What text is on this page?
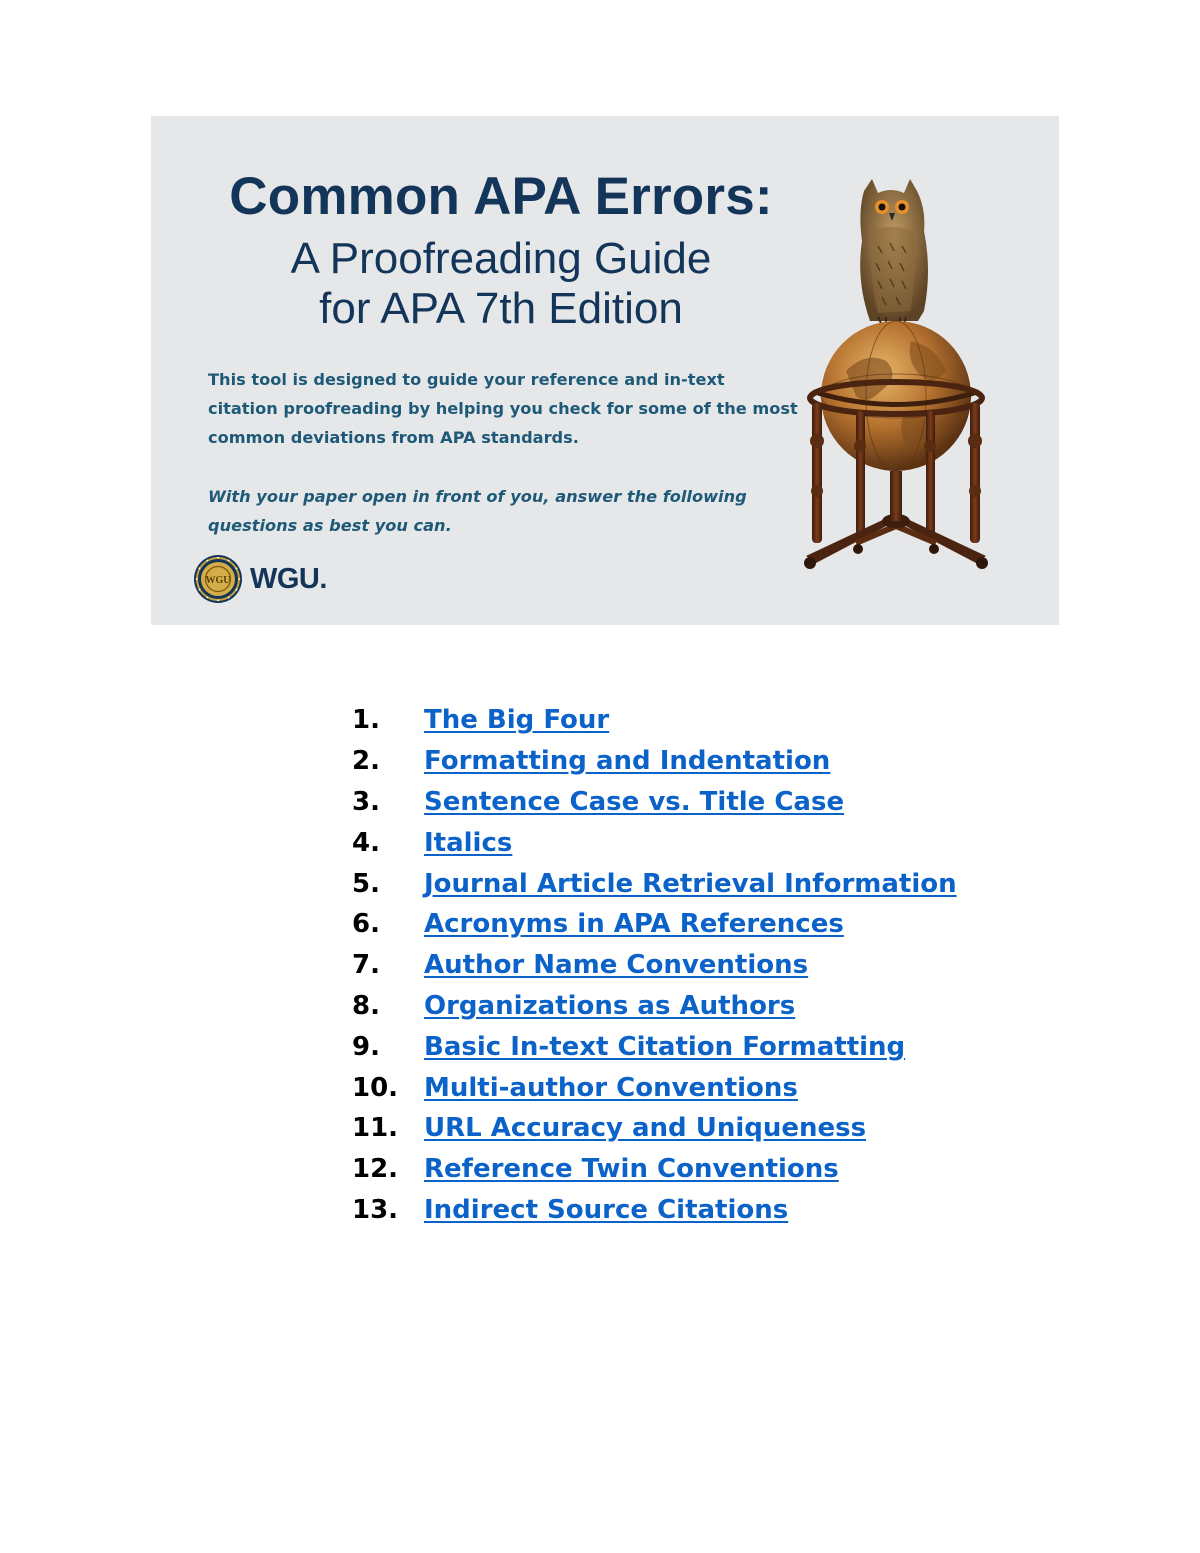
Common APA Errors:
A Proofreading Guide
for APA 7th Edition
This tool is designed to guide your reference and in-text citation proofreading by helping you check for some of the most common deviations from APA standards.
With your paper open in front of you, answer the following questions as best you can.
WGU WGU.
1.	The Big Four
2.	Formatting and Indentation
3.	Sentence Case vs. Title Case
4.	Italics
5.	Journal Article Retrieval Information
6.	Acronyms in APA References
7.	Author Name Conventions
8.	Organizations as Authors
9.	Basic In-text Citation Formatting
10. Multi-author Conventions
11. URL Accuracy and Uniqueness
12. Reference Twin Conventions
13. Indirect Source Citations
